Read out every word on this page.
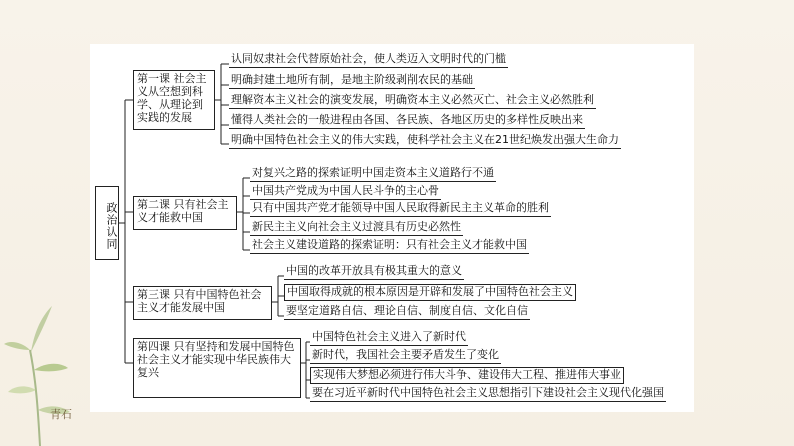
青石
政治认同
第一课 社会主义从空想到科学、从理论到实践的发展
第二课 只有社会主义才能救中国
第三课 只有中国特色社会主义才能发展中国
第四课 只有坚持和发展中国特色社会主义才能实现中华民族伟大复兴
认同奴隶社会代替原始社会，使人类迈入文明时代的门槛
明确封建土地所有制，是地主阶级剥削农民的基础
理解资本主义社会的演变发展，明确资本主义必然灭亡、社会主义必然胜利
懂得人类社会的一般进程由各国、各民族、各地区历史的多样性反映出来
明确中国特色社会主义的伟大实践，使科学社会主义在21世纪焕发出强大生命力
对复兴之路的探索证明中国走资本主义道路行不通
中国共产党成为中国人民斗争的主心骨
只有中国共产党才能领导中国人民取得新民主主义革命的胜利
新民主主义向社会主义过渡具有历史必然性
社会主义建设道路的探索证明：只有社会主义才能救中国
中国的改革开放具有极其重大的意义
中国取得成就的根本原因是开辟和发展了中国特色社会主义
要坚定道路自信、理论自信、制度自信、文化自信
中国特色社会主义进入了新时代
新时代，我国社会主要矛盾发生了变化
实现伟大梦想必须进行伟大斗争、建设伟大工程、推进伟大事业
要在习近平新时代中国特色社会主义思想指引下建设社会主义现代化强国
